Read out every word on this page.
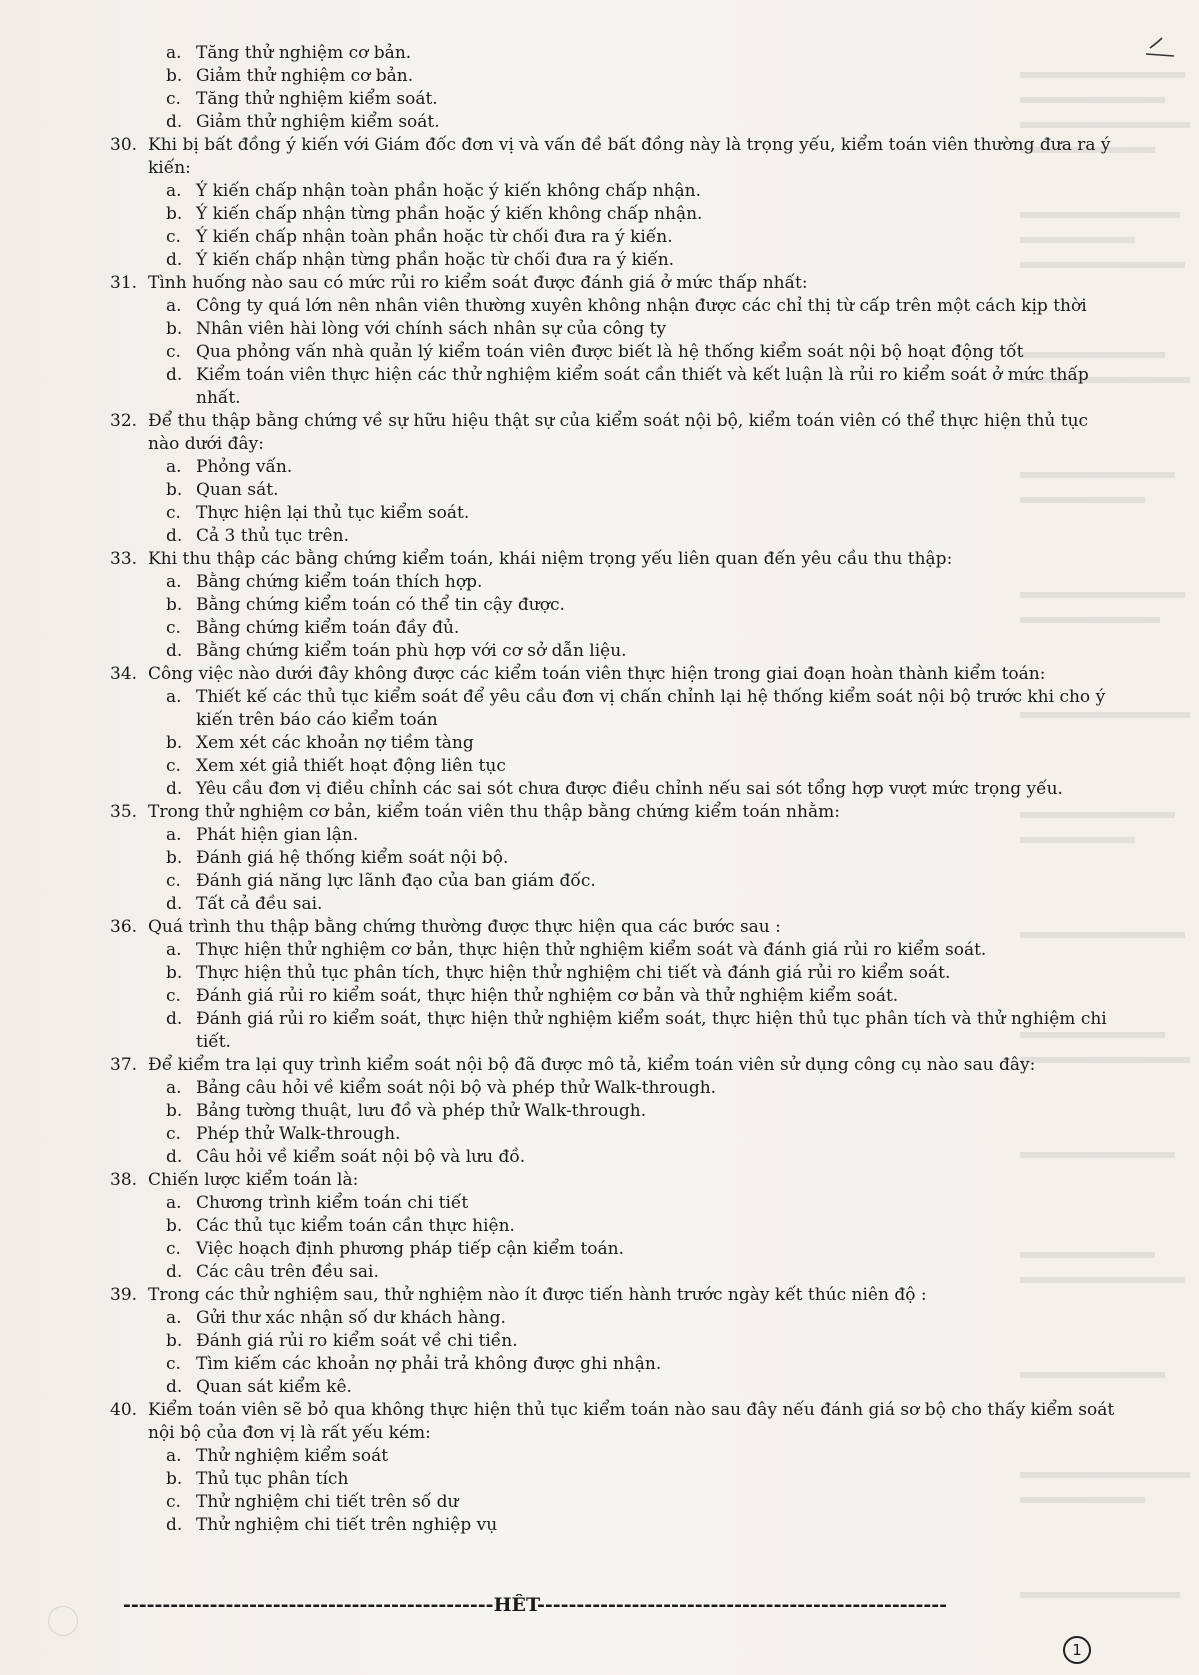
a. Tăng thử nghiệm cơ bản.
b. Giảm thử nghiệm cơ bản.
c. Tăng thử nghiệm kiểm soát.
d. Giảm thử nghiệm kiểm soát.
30. Khi bị bất đồng ý kiến với Giám đốc đơn vị và vấn đề bất đồng này là trọng yếu, kiểm toán viên thường đưa ra ý kiến:
a. Ý kiến chấp nhận toàn phần hoặc ý kiến không chấp nhận.
b. Ý kiến chấp nhận từng phần hoặc ý kiến không chấp nhận.
c. Ý kiến chấp nhận toàn phần hoặc từ chối đưa ra ý kiến.
d. Ý kiến chấp nhận từng phần hoặc từ chối đưa ra ý kiến.
31. Tình huống nào sau có mức rủi ro kiểm soát được đánh giá ở mức thấp nhất:
a. Công ty quá lớn nên nhân viên thường xuyên không nhận được các chỉ thị từ cấp trên một cách kịp thời
b. Nhân viên hài lòng với chính sách nhân sự của công ty
c. Qua phỏng vấn nhà quản lý kiểm toán viên được biết là hệ thống kiểm soát nội bộ hoạt động tốt
d. Kiểm toán viên thực hiện các thử nghiệm kiểm soát cần thiết và kết luận là rủi ro kiểm soát ở mức thấp nhất.
32. Để thu thập bằng chứng về sự hữu hiệu thật sự của kiểm soát nội bộ, kiểm toán viên có thể thực hiện thủ tục nào dưới đây:
a. Phỏng vấn.
b. Quan sát.
c. Thực hiện lại thủ tục kiểm soát.
d. Cả 3 thủ tục trên.
33. Khi thu thập các bằng chứng kiểm toán, khái niệm trọng yếu liên quan đến yêu cầu thu thập:
a. Bằng chứng kiểm toán thích hợp.
b. Bằng chứng kiểm toán có thể tin cậy được.
c. Bằng chứng kiểm toán đầy đủ.
d. Bằng chứng kiểm toán phù hợp với cơ sở dẫn liệu.
34. Công việc nào dưới đây không được các kiểm toán viên thực hiện trong giai đoạn hoàn thành kiểm toán:
a. Thiết kế các thủ tục kiểm soát để yêu cầu đơn vị chấn chỉnh lại hệ thống kiểm soát nội bộ trước khi cho ý kiến trên báo cáo kiểm toán
b. Xem xét các khoản nợ tiềm tàng
c. Xem xét giả thiết hoạt động liên tục
d. Yêu cầu đơn vị điều chỉnh các sai sót chưa được điều chỉnh nếu sai sót tổng hợp vượt mức trọng yếu.
35. Trong thử nghiệm cơ bản, kiểm toán viên thu thập bằng chứng kiểm toán nhằm:
a. Phát hiện gian lận.
b. Đánh giá hệ thống kiểm soát nội bộ.
c. Đánh giá năng lực lãnh đạo của ban giám đốc.
d. Tất cả đều sai.
36. Quá trình thu thập bằng chứng thường được thực hiện qua các bước sau :
a. Thực hiện thử nghiệm cơ bản, thực hiện thử nghiệm kiểm soát và đánh giá rủi ro kiểm soát.
b. Thực hiện thủ tục phân tích, thực hiện thử nghiệm chi tiết và đánh giá rủi ro kiểm soát.
c. Đánh giá rủi ro kiểm soát, thực hiện thử nghiệm cơ bản và thử nghiệm kiểm soát.
d. Đánh giá rủi ro kiểm soát, thực hiện thử nghiệm kiểm soát, thực hiện thủ tục phân tích và thử nghiệm chi tiết.
37. Để kiểm tra lại quy trình kiểm soát nội bộ đã được mô tả, kiểm toán viên sử dụng công cụ nào sau đây:
a. Bảng câu hỏi về kiểm soát nội bộ và phép thử Walk-through.
b. Bảng tường thuật, lưu đồ và phép thử Walk-through.
c. Phép thử Walk-through.
d. Câu hỏi về kiểm soát nội bộ và lưu đồ.
38. Chiến lược kiểm toán là:
a. Chương trình kiểm toán chi tiết
b. Các thủ tục kiểm toán cần thực hiện.
c. Việc hoạch định phương pháp tiếp cận kiểm toán.
d. Các câu trên đều sai.
39. Trong các thử nghiệm sau, thử nghiệm nào ít được tiến hành trước ngày kết thúc niên độ :
a. Gửi thư xác nhận số dư khách hàng.
b. Đánh giá rủi ro kiểm soát về chi tiền.
c. Tìm kiếm các khoản nợ phải trả không được ghi nhận.
d. Quan sát kiểm kê.
40. Kiểm toán viên sẽ bỏ qua không thực hiện thủ tục kiểm toán nào sau đây nếu đánh giá sơ bộ cho thấy kiểm soát nội bộ của đơn vị là rất yếu kém:
a. Thử nghiệm kiểm soát
b. Thủ tục phân tích
c. Thử nghiệm chi tiết trên số dư
d. Thử nghiệm chi tiết trên nghiệp vụ
-----------------------------------------------HẾT----------------------------------------------------
1
